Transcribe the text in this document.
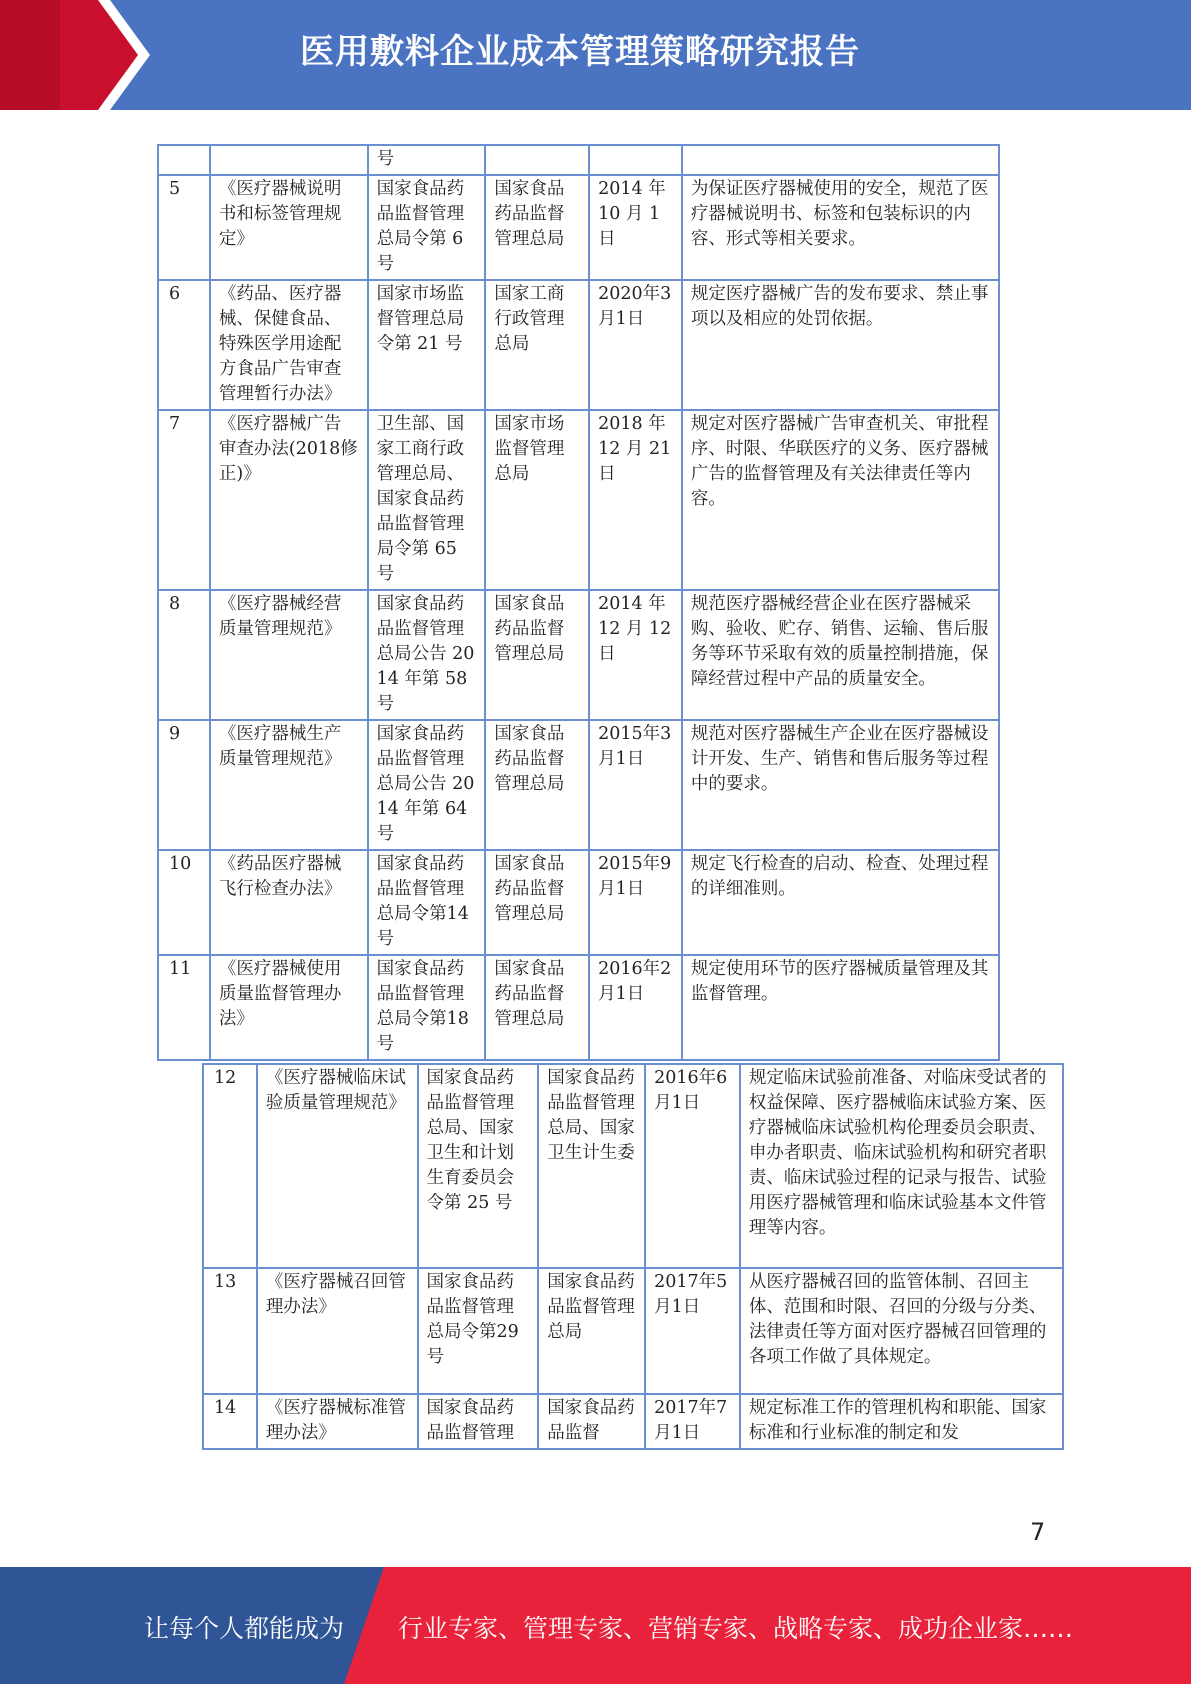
医用敷料企业成本管理策略研究报告
		号			
5	《医疗器械说明书和标签管理规定》	国家食品药品监督管理总局令第 6 号	国家食品药品监督管理总局	2014 年 10 月 1 日	为保证医疗器械使用的安全，规范了医疗器械说明书、标签和包装标识的内容、形式等相关要求。
6	《药品、医疗器械、保健食品、特殊医学用途配方食品广告审查管理暂行办法》	国家市场监督管理总局令第 21 号	国家工商行政管理总局	2020年3月1日	规定医疗器械广告的发布要求、禁止事项以及相应的处罚依据。
7	《医疗器械广告审查办法(2018修正)》	卫生部、国家工商行政管理总局、国家食品药品监督管理局令第 65 号	国家市场监督管理总局	2018 年 12 月 21 日	规定对医疗器械广告审查机关、审批程序、时限、华联医疗的义务、医疗器械广告的监督管理及有关法律责任等内容。
8	《医疗器械经营质量管理规范》	国家食品药品监督管理总局公告 2014 年第 58 号	国家食品药品监督管理总局	2014 年 12 月 12 日	规范医疗器械经营企业在医疗器械采购、验收、贮存、销售、运输、售后服务等环节采取有效的质量控制措施，保障经营过程中产品的质量安全。
9	《医疗器械生产质量管理规范》	国家食品药品监督管理总局公告 2014 年第 64 号	国家食品药品监督管理总局	2015年3月1日	规范对医疗器械生产企业在医疗器械设计开发、生产、销售和售后服务等过程中的要求。
10	《药品医疗器械飞行检查办法》	国家食品药品监督管理总局令第14号	国家食品药品监督管理总局	2015年9月1日	规定飞行检查的启动、检查、处理过程的详细准则。
11	《医疗器械使用质量监督管理办法》	国家食品药品监督管理总局令第18号	国家食品药品监督管理总局	2016年2月1日	规定使用环节的医疗器械质量管理及其监督管理。
12	《医疗器械临床试验质量管理规范》	国家食品药品监督管理总局、国家卫生和计划生育委员会令第 25 号	国家食品药品监督管理总局、国家卫生计生委	2016年6月1日	规定临床试验前准备、对临床受试者的权益保障、医疗器械临床试验方案、医疗器械临床试验机构伦理委员会职责、申办者职责、临床试验机构和研究者职责、临床试验过程的记录与报告、试验用医疗器械管理和临床试验基本文件管理等内容。
13	《医疗器械召回管理办法》	国家食品药品监督管理总局令第29号	国家食品药品监督管理总局	2017年5月1日	从医疗器械召回的监管体制、召回主体、范围和时限、召回的分级与分类、法律责任等方面对医疗器械召回管理的各项工作做了具体规定。
14	《医疗器械标准管理办法》	国家食品药品监督管理	国家食品药品监督	2017年7月1日	规定标准工作的管理机构和职能、国家标准和行业标准的制定和发
7
让每个人都能成为 行业专家、管理专家、营销专家、战略专家、成功企业家……
